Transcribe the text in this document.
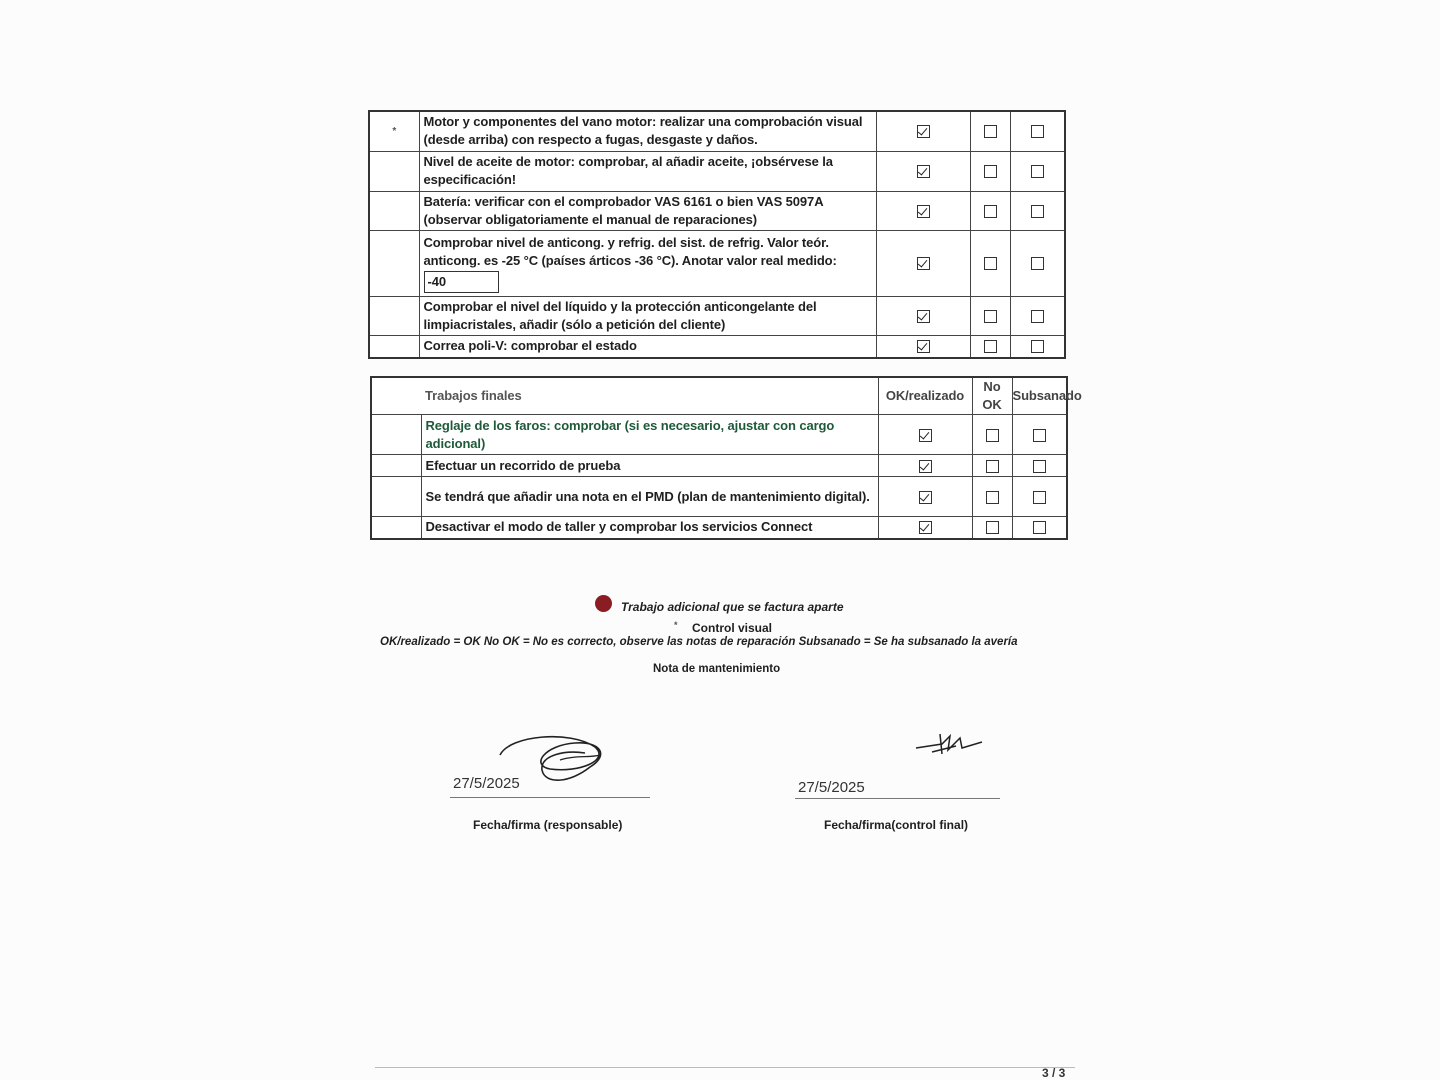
*	Motor y componentes del vano motor: realizar una comprobación visual (desde arriba) con respecto a fugas, desgaste y daños.			
	Nivel de aceite de motor: comprobar, al añadir aceite, ¡obsérvese la especificación!			
	Batería: verificar con el comprobador VAS 6161 o bien VAS 5097A (observar obligatoriamente el manual de reparaciones)			

	Comprobar nivel de anticong. y refrig. del sist. de refrig. Valor teór. anticong. es -25 °C (países árticos -36 °C). Anotar valor real medido:
-40			
	Comprobar el nivel del líquido y la protección anticongelante del limpiacristales, añadir (sólo a petición del cliente)			
	Correa poli-V: comprobar el estado			
	Trabajos finales	OK/realizado	No OK	Subsanado
	Reglaje de los faros: comprobar (si es necesario, ajustar con cargo adicional)			
	Efectuar un recorrido de prueba			
	Se tendrá que añadir una nota en el PMD (plan de mantenimiento digital).			
	Desactivar el modo de taller y comprobar los servicios Connect			
Trabajo adicional que se factura aparte
* Control visual
OK/realizado = OK No OK = No es correcto, observe las notas de reparación Subsanado = Se ha subsanado la avería
Nota de mantenimiento
27/5/2025
Fecha/firma (responsable)
27/5/2025
Fecha/firma(control final)
3 / 3
